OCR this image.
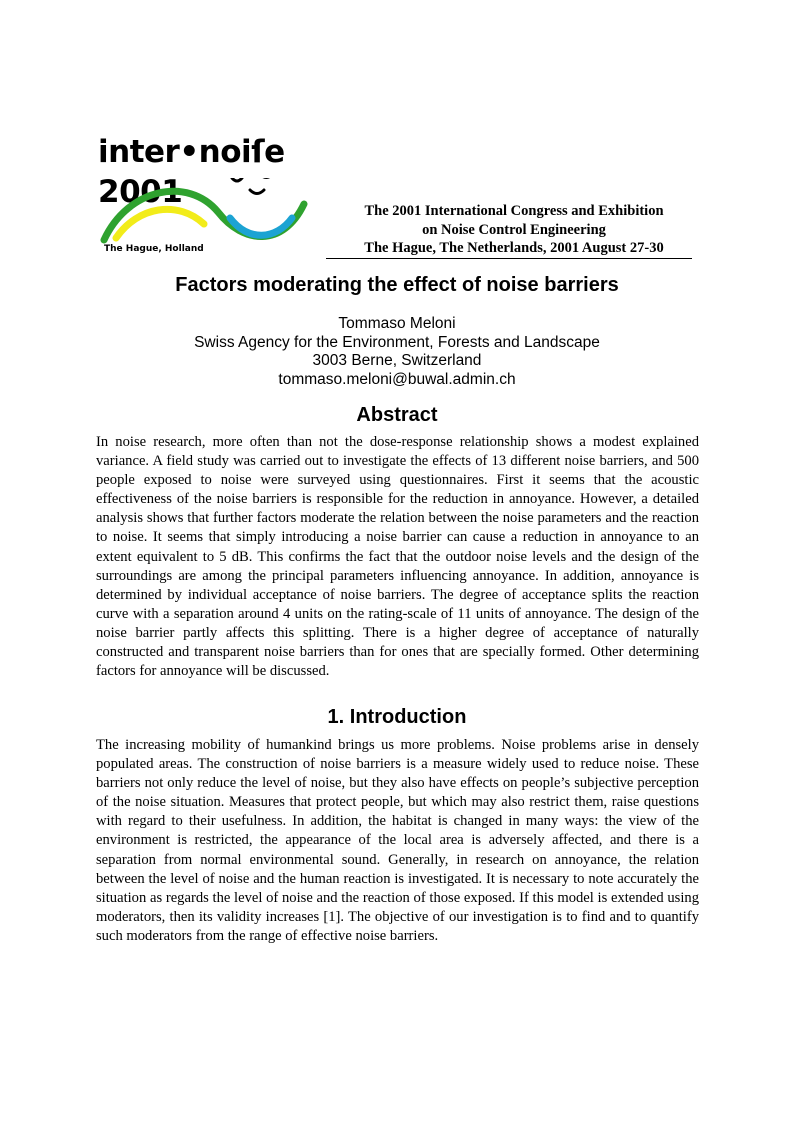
inter•noiſe 2001
The Hague, Holland
The 2001 International Congress and Exhibition
on Noise Control Engineering
The Hague, The Netherlands, 2001 August 27-30
Factors moderating the effect of noise barriers
Tommaso Meloni
Swiss Agency for the Environment, Forests and Landscape
3003 Berne, Switzerland
tommaso.meloni@buwal.admin.ch
Abstract
In noise research, more often than not the dose-response relationship shows a modest explained variance. A field study was carried out to investigate the effects of 13 different noise barriers, and 500 people exposed to noise were surveyed using questionnaires. First it seems that the acoustic effectiveness of the noise barriers is responsible for the reduction in annoyance. However, a detailed analysis shows that further factors moderate the relation between the noise parameters and the reaction to noise. It seems that simply introducing a noise barrier can cause a reduction in annoyance to an extent equivalent to 5 dB. This confirms the fact that the outdoor noise levels and the design of the surroundings are among the principal parameters influencing annoyance. In addition, annoyance is determined by individual acceptance of noise barriers. The degree of acceptance splits the reaction curve with a separation around 4 units on the rating-scale of 11 units of annoyance. The design of the noise barrier partly affects this splitting. There is a higher degree of acceptance of naturally constructed and transparent noise barriers than for ones that are specially formed. Other determining factors for annoyance will be discussed.
1. Introduction
The increasing mobility of humankind brings us more problems. Noise problems arise in densely populated areas. The construction of noise barriers is a measure widely used to reduce noise. These barriers not only reduce the level of noise, but they also have effects on people’s subjective perception of the noise situation. Measures that protect people, but which may also restrict them, raise questions with regard to their usefulness. In addition, the habitat is changed in many ways: the view of the environment is restricted, the appearance of the local area is adversely affected, and there is a separation from normal environmental sound. Generally, in research on annoyance, the relation between the level of noise and the human reaction is investigated. It is necessary to note accurately the situation as regards the level of noise and the reaction of those exposed. If this model is extended using moderators, then its validity increases [1]. The objective of our investigation is to find and to quantify such moderators from the range of effective noise barriers.
